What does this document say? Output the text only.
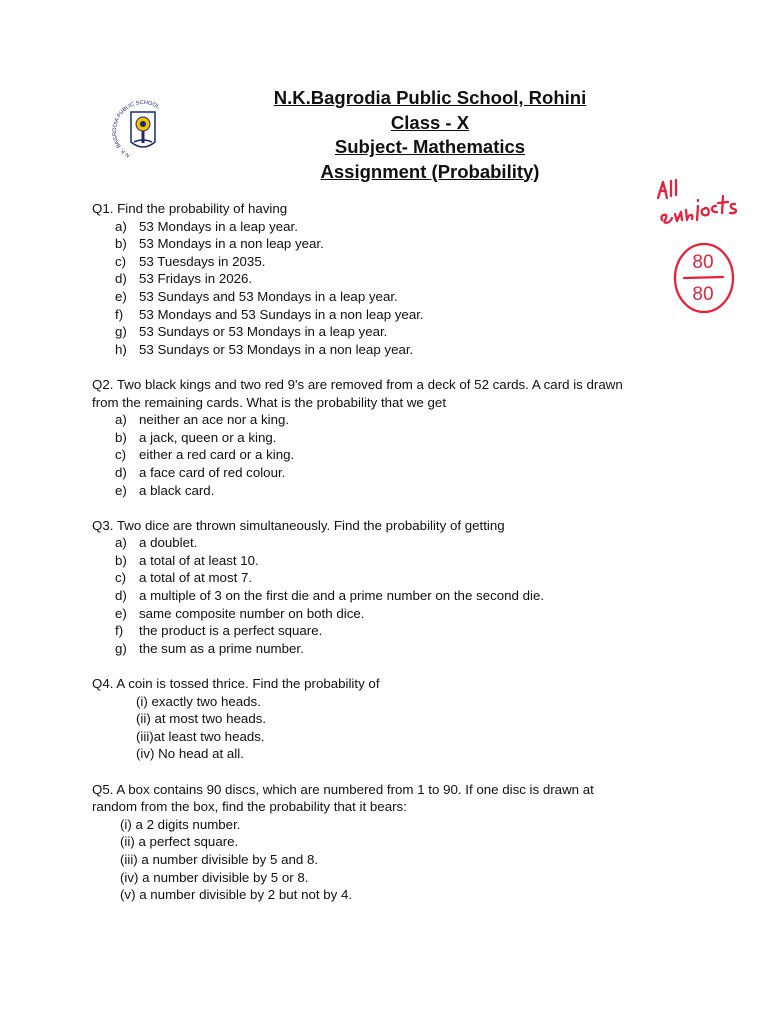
N.K.Bagrodia Public School, Rohini
Class - X
Subject- Mathematics
Assignment (Probability)
N.K. BAGRODIA PUBLIC SCHOOL
80
80
All subjects
Q1. Find the probability of having
a) 53 Mondays in a leap year.
b) 53 Mondays in a non leap year.
c) 53 Tuesdays in 2035.
d) 53 Fridays in 2026.
e) 53 Sundays and 53 Mondays in a leap year.
f) 53 Mondays and 53 Sundays in a non leap year.
g) 53 Sundays or 53 Mondays in a leap year.
h) 53 Sundays or 53 Mondays in a non leap year.
Q2. Two black kings and two red 9's are removed from a deck of 52 cards. A card is drawn
from the remaining cards. What is the probability that we get
a) neither an ace nor a king.
b) a jack, queen or a king.
c) either a red card or a king.
d) a face card of red colour.
e) a black card.
Q3. Two dice are thrown simultaneously. Find the probability of getting
a) a doublet.
b) a total of at least 10.
c) a total of at most 7.
d) a multiple of 3 on the first die and a prime number on the second die.
e) same composite number on both dice.
f) the product is a perfect square.
g) the sum as a prime number.
Q4. A coin is tossed thrice. Find the probability of
(i) exactly two heads.
(ii) at most two heads.
(iii)at least two heads.
(iv) No head at all.
Q5. A box contains 90 discs, which are numbered from 1 to 90. If one disc is drawn at
random from the box, find the probability that it bears:
(i) a 2 digits number.
(ii) a perfect square.
(iii) a number divisible by 5 and 8.
(iv) a number divisible by 5 or 8.
(v) a number divisible by 2 but not by 4.
